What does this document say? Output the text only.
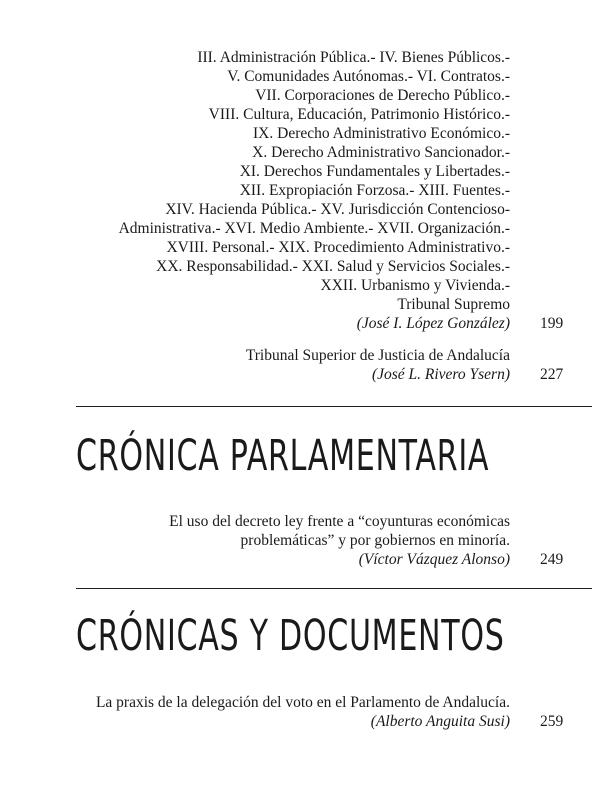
III. Administración Pública.- IV. Bienes Públicos.-
V. Comunidades Autónomas.- VI. Contratos.-
VII. Corporaciones de Derecho Público.-
VIII. Cultura, Educación, Patrimonio Histórico.-
IX. Derecho Administrativo Económico.-
X. Derecho Administrativo Sancionador.-
XI. Derechos Fundamentales y Libertades.-
XII. Expropiación Forzosa.- XIII. Fuentes.-
XIV. Hacienda Pública.- XV. Jurisdicción Contencioso-
Administrativa.- XVI. Medio Ambiente.- XVII. Organización.-
XVIII. Personal.- XIX. Procedimiento Administrativo.-
XX. Responsabilidad.- XXI. Salud y Servicios Sociales.-
XXII. Urbanismo y Vivienda.-
Tribunal Supremo
(José I. López González) 199
Tribunal Superior de Justicia de Andalucía
(José L. Rivero Ysern) 227
CRÓNICA PARLAMENTARIA
El uso del decreto ley frente a “coyunturas económicas
problemáticas” y por gobiernos en minoría.
(Víctor Vázquez Alonso) 249
CRÓNICAS Y DOCUMENTOS
La praxis de la delegación del voto en el Parlamento de Andalucía.
(Alberto Anguita Susi) 259
